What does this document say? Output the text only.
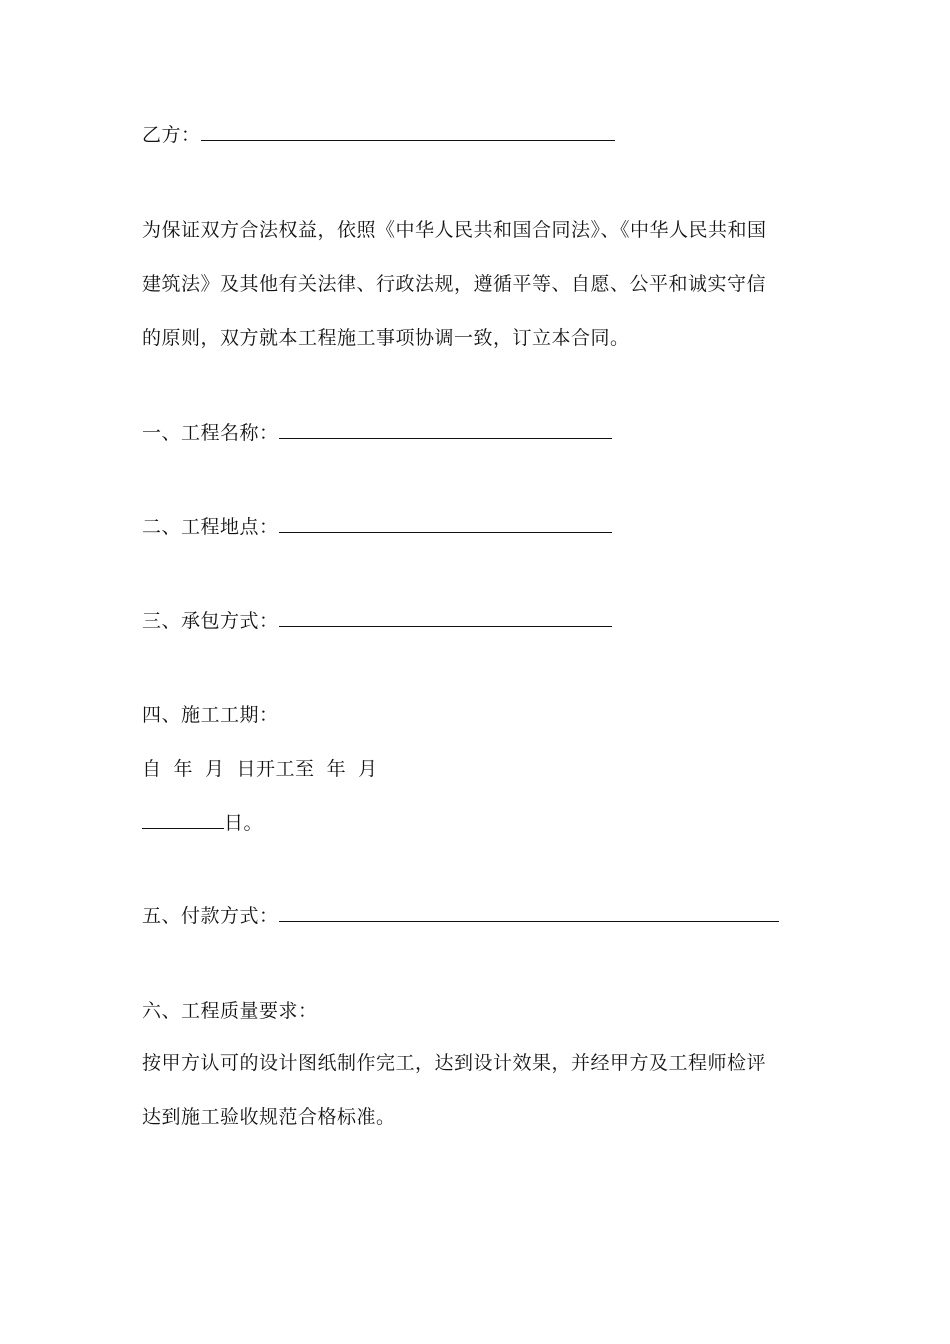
乙方：
为保证双方合法权益，依照《中华人民共和国合同法》、《中华人民共和国
建筑法》及其他有关法律、行政法规，遵循平等、自愿、公平和诚实守信
的原则，双方就本工程施工事项协调一致，订立本合同。
一、工程名称：
二、工程地点：
三、承包方式：
四、施工工期：
自 年 月 日开工至 年 月
日。
五、付款方式：
六、工程质量要求：
按甲方认可的设计图纸制作完工，达到设计效果，并经甲方及工程师检评
达到施工验收规范合格标准。
